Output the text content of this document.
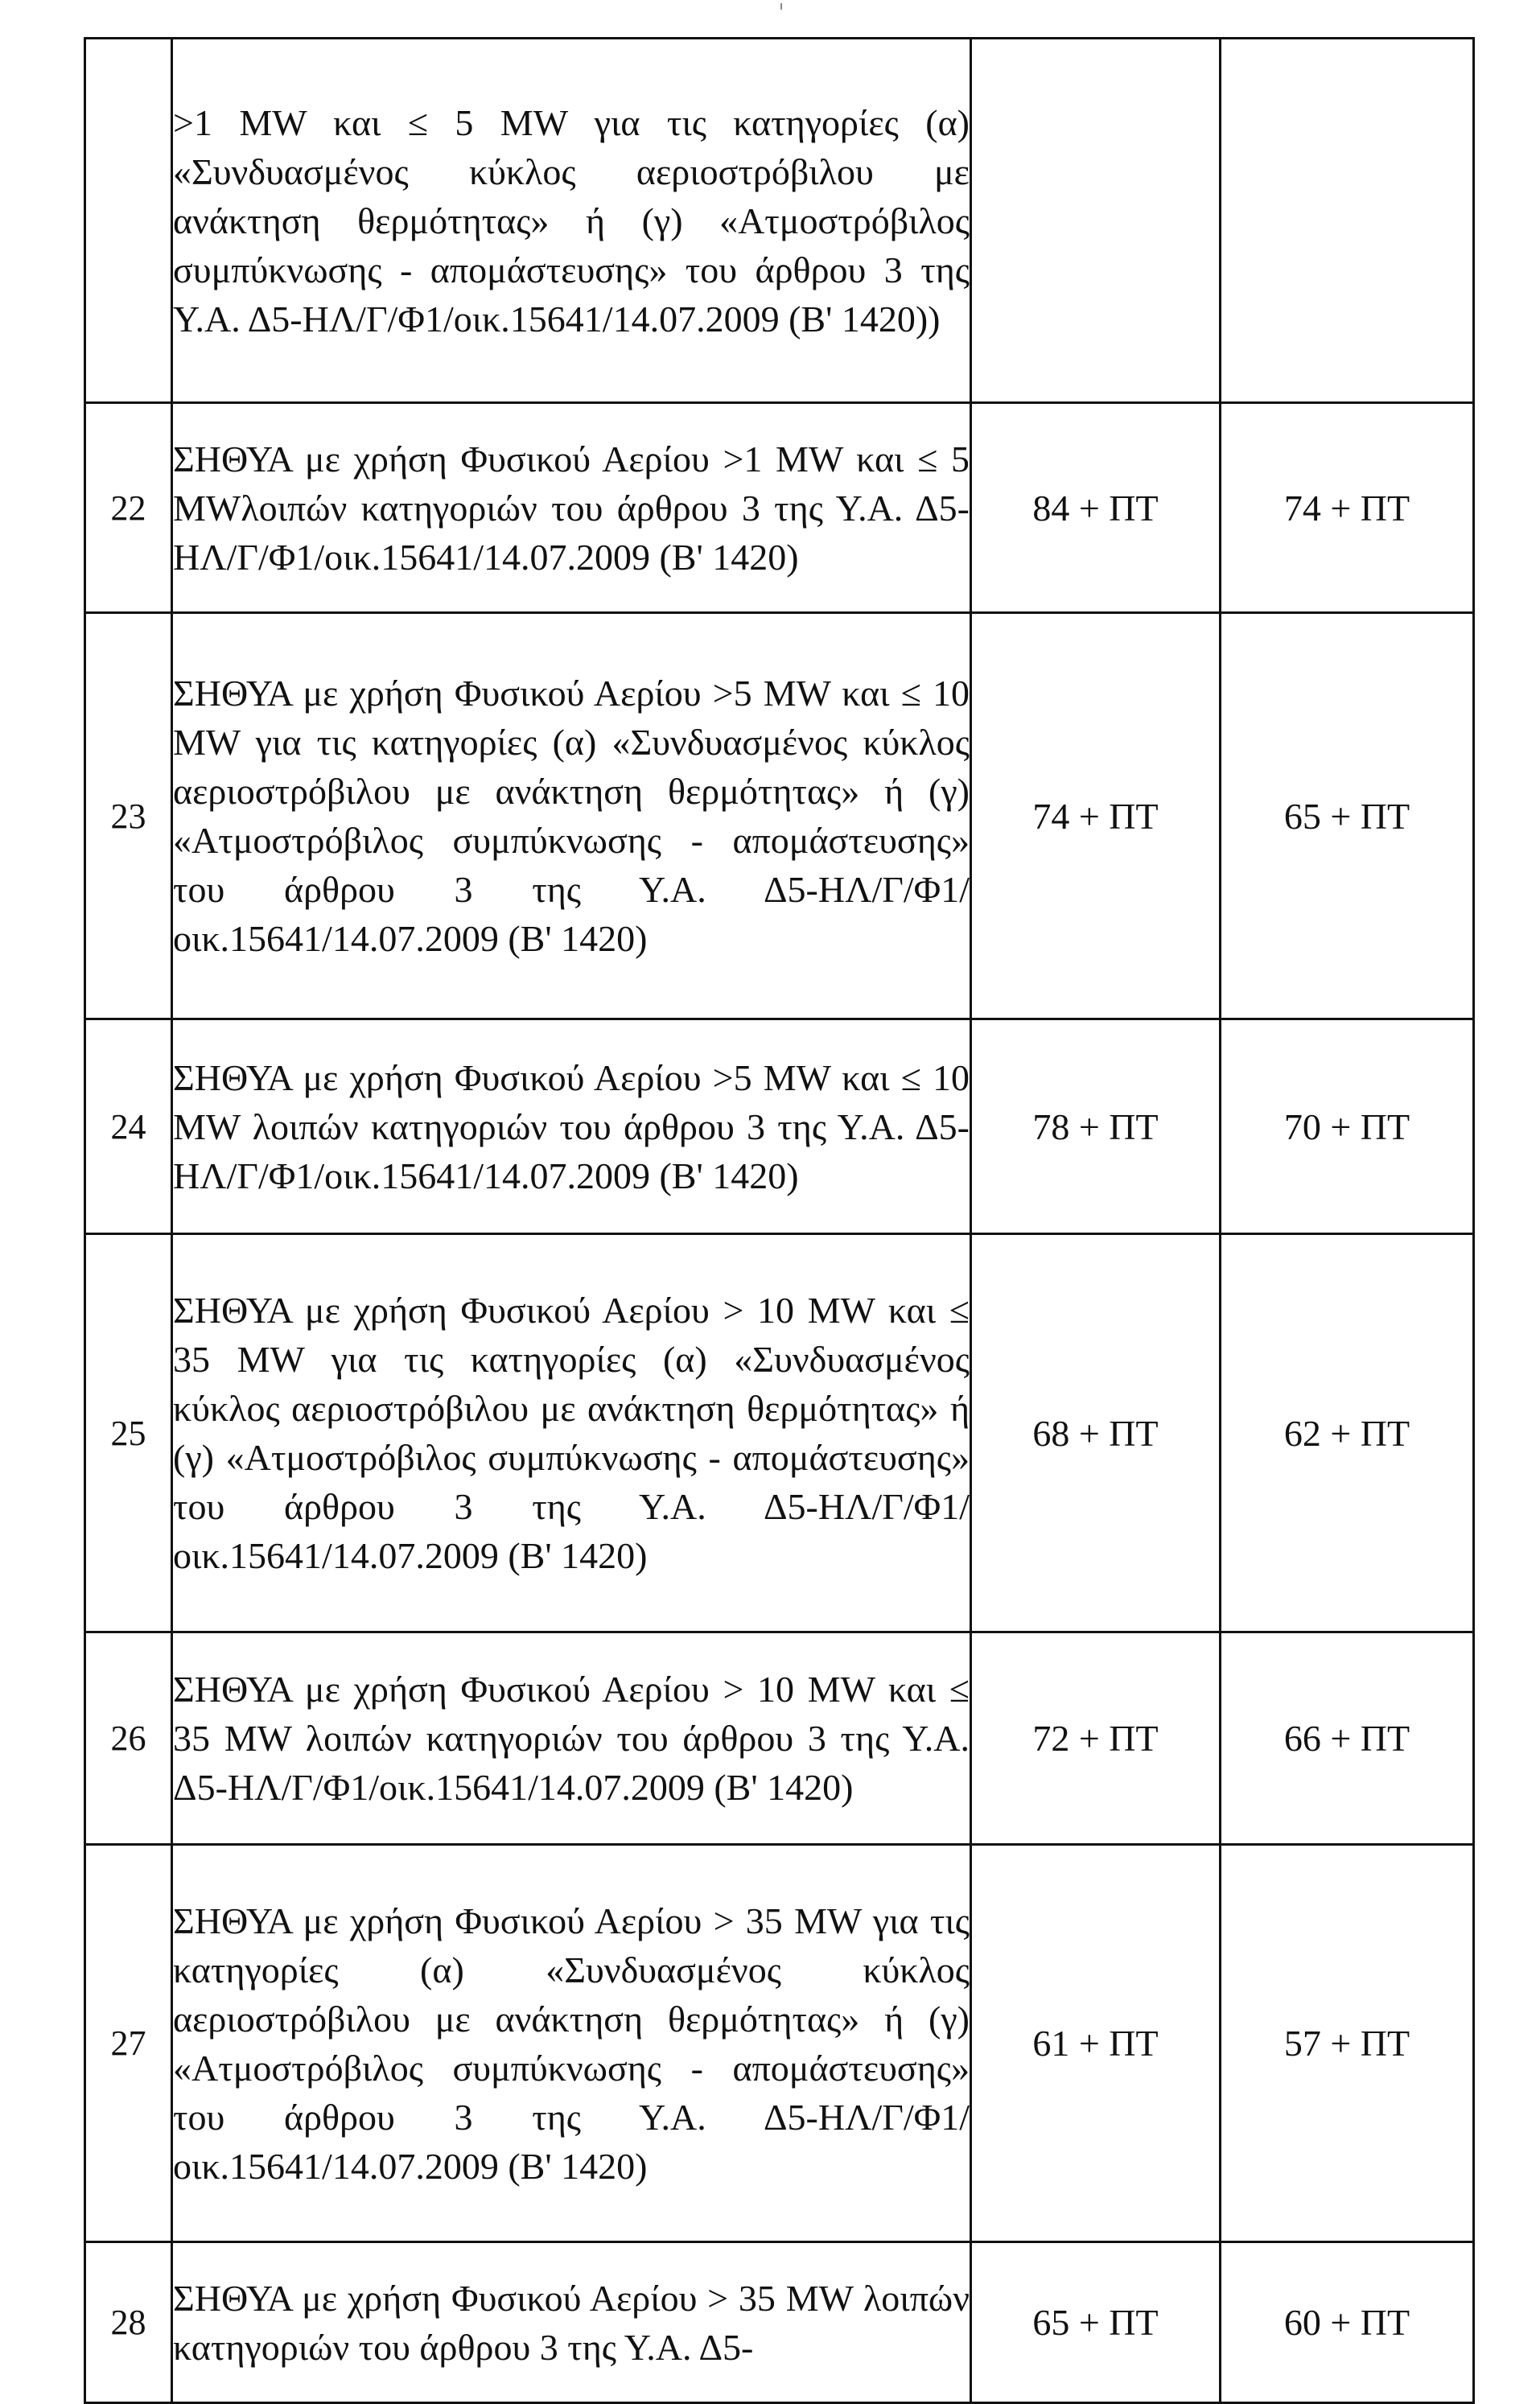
	>1 MW και ≤ 5 MW για τις κατηγορίες (α) «Συνδυασμένος κύκλος αεριοστρόβιλου με ανάκτηση θερμότητας» ή (γ) «Ατμοστρόβιλος συμπύκνωσης - απομάστευσης» του άρθρου 3 της Υ.Α. Δ5-ΗΛ/Γ/Φ1/οικ.15641/14.07.2009 (Β' 1420))		

22	ΣΗΘΥΑ με χρήση Φυσικού Αερίου >1 MW και ≤ 5 MWλοιπών κατηγοριών του άρθρου 3 της Υ.Α. Δ5-ΗΛ/Γ/Φ1/οικ.15641/14.07.2009 (Β' 1420)	84 + ΠΤ	74 + ΠΤ
23	ΣΗΘΥΑ με χρήση Φυσικού Αερίου >5 MW και ≤ 10 MW για τις κατηγορίες (α) «Συνδυασμένος κύκλος αεριοστρόβιλου με ανάκτηση θερμότητας» ή (γ) «Ατμοστρόβιλος συμπύκνωσης - απομάστευσης» του άρθρου 3 της Υ.Α. Δ5-ΗΛ/Γ/Φ1/οικ.15641/14.07.2009 (Β' 1420)	74 + ΠΤ	65 + ΠΤ
24	ΣΗΘΥΑ με χρήση Φυσικού Αερίου >5 MW και ≤ 10 MW λοιπών κατηγοριών του άρθρου 3 της Υ.Α. Δ5-ΗΛ/Γ/Φ1/οικ.15641/14.07.2009 (Β' 1420)	78 + ΠΤ	70 + ΠΤ
25	ΣΗΘΥΑ με χρήση Φυσικού Αερίου > 10 MW και ≤ 35 MW για τις κατηγορίες (α) «Συνδυασμένος κύκλος αεριοστρόβιλου με ανάκτηση θερμότητας» ή (γ) «Ατμοστρόβιλος συμπύκνωσης - απομάστευσης» του άρθρου 3 της Υ.Α. Δ5-ΗΛ/Γ/Φ1/οικ.15641/14.07.2009 (Β' 1420)	68 + ΠΤ	62 + ΠΤ
26	ΣΗΘΥΑ με χρήση Φυσικού Αερίου > 10 MW και ≤ 35 MW λοιπών κατηγοριών του άρθρου 3 της Υ.Α. Δ5-ΗΛ/Γ/Φ1/οικ.15641/14.07.2009 (Β' 1420)	72 + ΠΤ	66 + ΠΤ
27	ΣΗΘΥΑ με χρήση Φυσικού Αερίου > 35 MW για τις κατηγορίες (α) «Συνδυασμένος κύκλος αεριοστρόβιλου με ανάκτηση θερμότητας» ή (γ) «Ατμοστρόβιλος συμπύκνωσης - απομάστευσης» του άρθρου 3 της Υ.Α. Δ5-ΗΛ/Γ/Φ1/οικ.15641/14.07.2009 (Β' 1420)	61 + ΠΤ	57 + ΠΤ
28	ΣΗΘΥΑ με χρήση Φυσικού Αερίου > 35 MW λοιπών κατηγοριών του άρθρου 3 της Υ.Α. Δ5-	65 + ΠΤ	60 + ΠΤ
